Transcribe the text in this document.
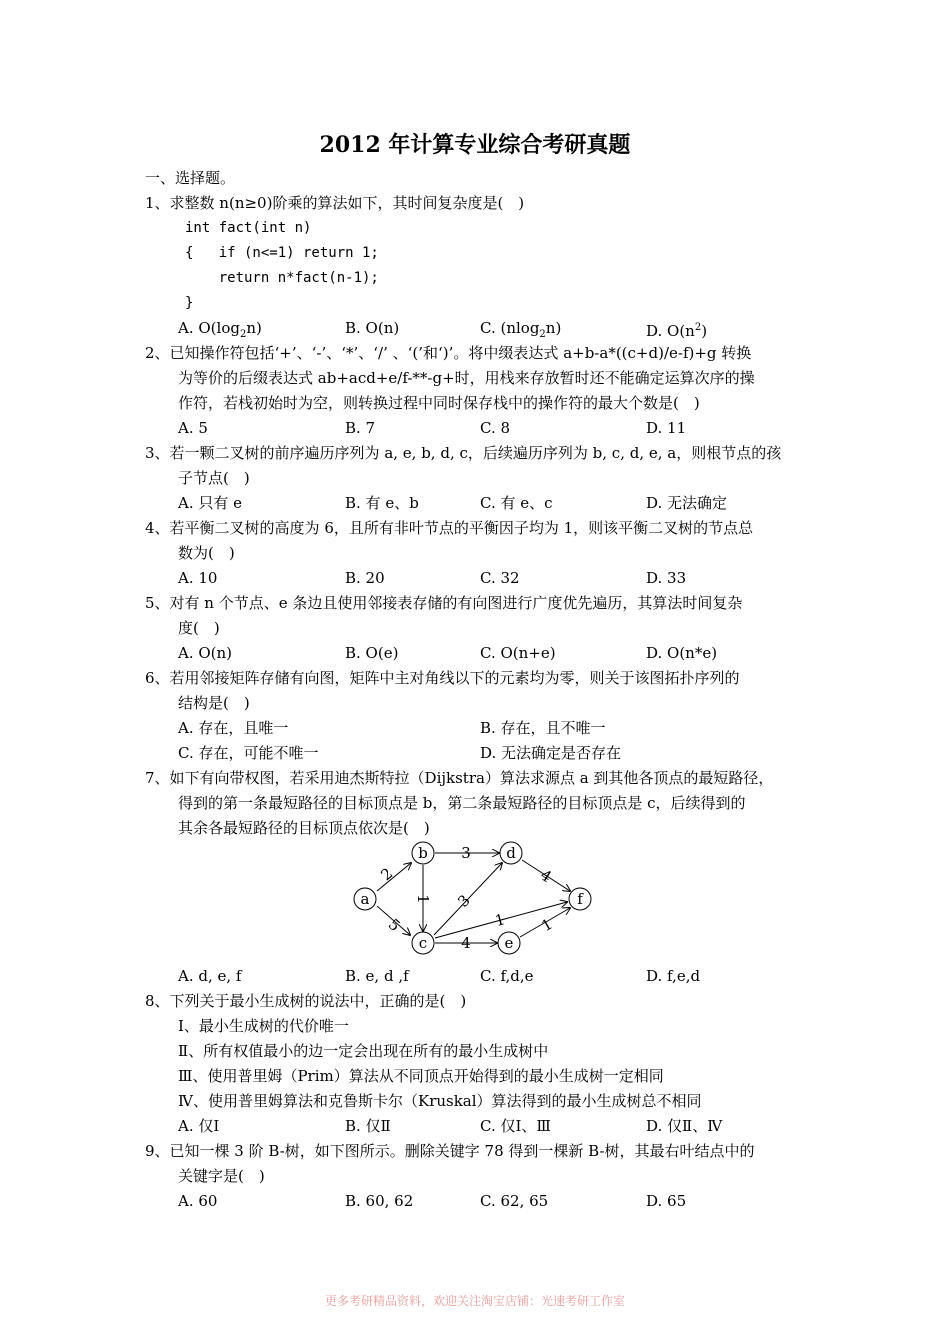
2012 年计算专业综合考研真题
一、选择题。
1、求整数 n(n≥0)阶乘的算法如下，其时间复杂度是(　)
int fact(int n)
{   if (n<=1) return 1;
return n*fact(n-1);
}
A. $O(\log_2n)$	B. O(n)	C. (nlog$_2$n)	D. $O(n^2)$
2、已知操作符包括‘+’、‘-’、‘*’、‘/’ 、‘(’和‘)’。将中缀表达式 a+b-a*((c+d)/e-f)+g 转换
为等价的后缀表达式 ab+acd+e/f-**-g+时，用栈来存放暂时还不能确定运算次序的操
作符，若栈初始时为空，则转换过程中同时保存栈中的操作符的最大个数是(　)
A. 5	B. 7	C. 8	D. 11
3、若一颗二叉树的前序遍历序列为 a, e, b, d, c，后续遍历序列为 b, c, d, e, a，则根节点的孩
子节点(　)
A. 只有 e	B. 有 e、b	C. 有 e、c	D. 无法确定
4、若平衡二叉树的高度为 6，且所有非叶节点的平衡因子均为 1，则该平衡二叉树的节点总
数为(　)
A. 10	B. 20	C. 32	D. 33
5、对有 n 个节点、e 条边且使用邻接表存储的有向图进行广度优先遍历，其算法时间复杂
度(　)
A. O(n)	B. O(e)	C. O(n+e)	D. O(n*e)
6、若用邻接矩阵存储有向图，矩阵中主对角线以下的元素均为零，则关于该图拓扑序列的
结构是(　)
A. 存在，且唯一	B. 存在，且不唯一
C. 存在，可能不唯一	D. 无法确定是否存在
7、如下有向带权图，若采用迪杰斯特拉（Dijkstra）算法求源点 a 到其他各顶点的最短路径，
得到的第一条最短路径的目标顶点是 b，第二条最短路径的目标顶点是 c，后续得到的
其余各最短路径的目标顶点依次是(　)
2
5
3
1 3
4
1
4
1
a
b
c
d
e
f
A. d, e, f	B. e, d ,f	C. f,d,e	D. f,e,d
8、下列关于最小生成树的说法中，正确的是(　)
Ⅰ、最小生成树的代价唯一
Ⅱ、所有权值最小的边一定会出现在所有的最小生成树中
Ⅲ、使用普里姆（Prim）算法从不同顶点开始得到的最小生成树一定相同
Ⅳ、使用普里姆算法和克鲁斯卡尔（Kruskal）算法得到的最小生成树总不相同
A. 仅Ⅰ	B. 仅Ⅱ	C. 仅Ⅰ、Ⅲ	D. 仅Ⅱ、Ⅳ
9、已知一棵 3 阶 B-树，如下图所示。删除关键字 78 得到一棵新 B-树，其最右叶结点中的
关键字是(　)
A. 60	B. 60, 62	C. 62, 65	D. 65
更多考研精品资料，欢迎关注淘宝店铺：光速考研工作室
